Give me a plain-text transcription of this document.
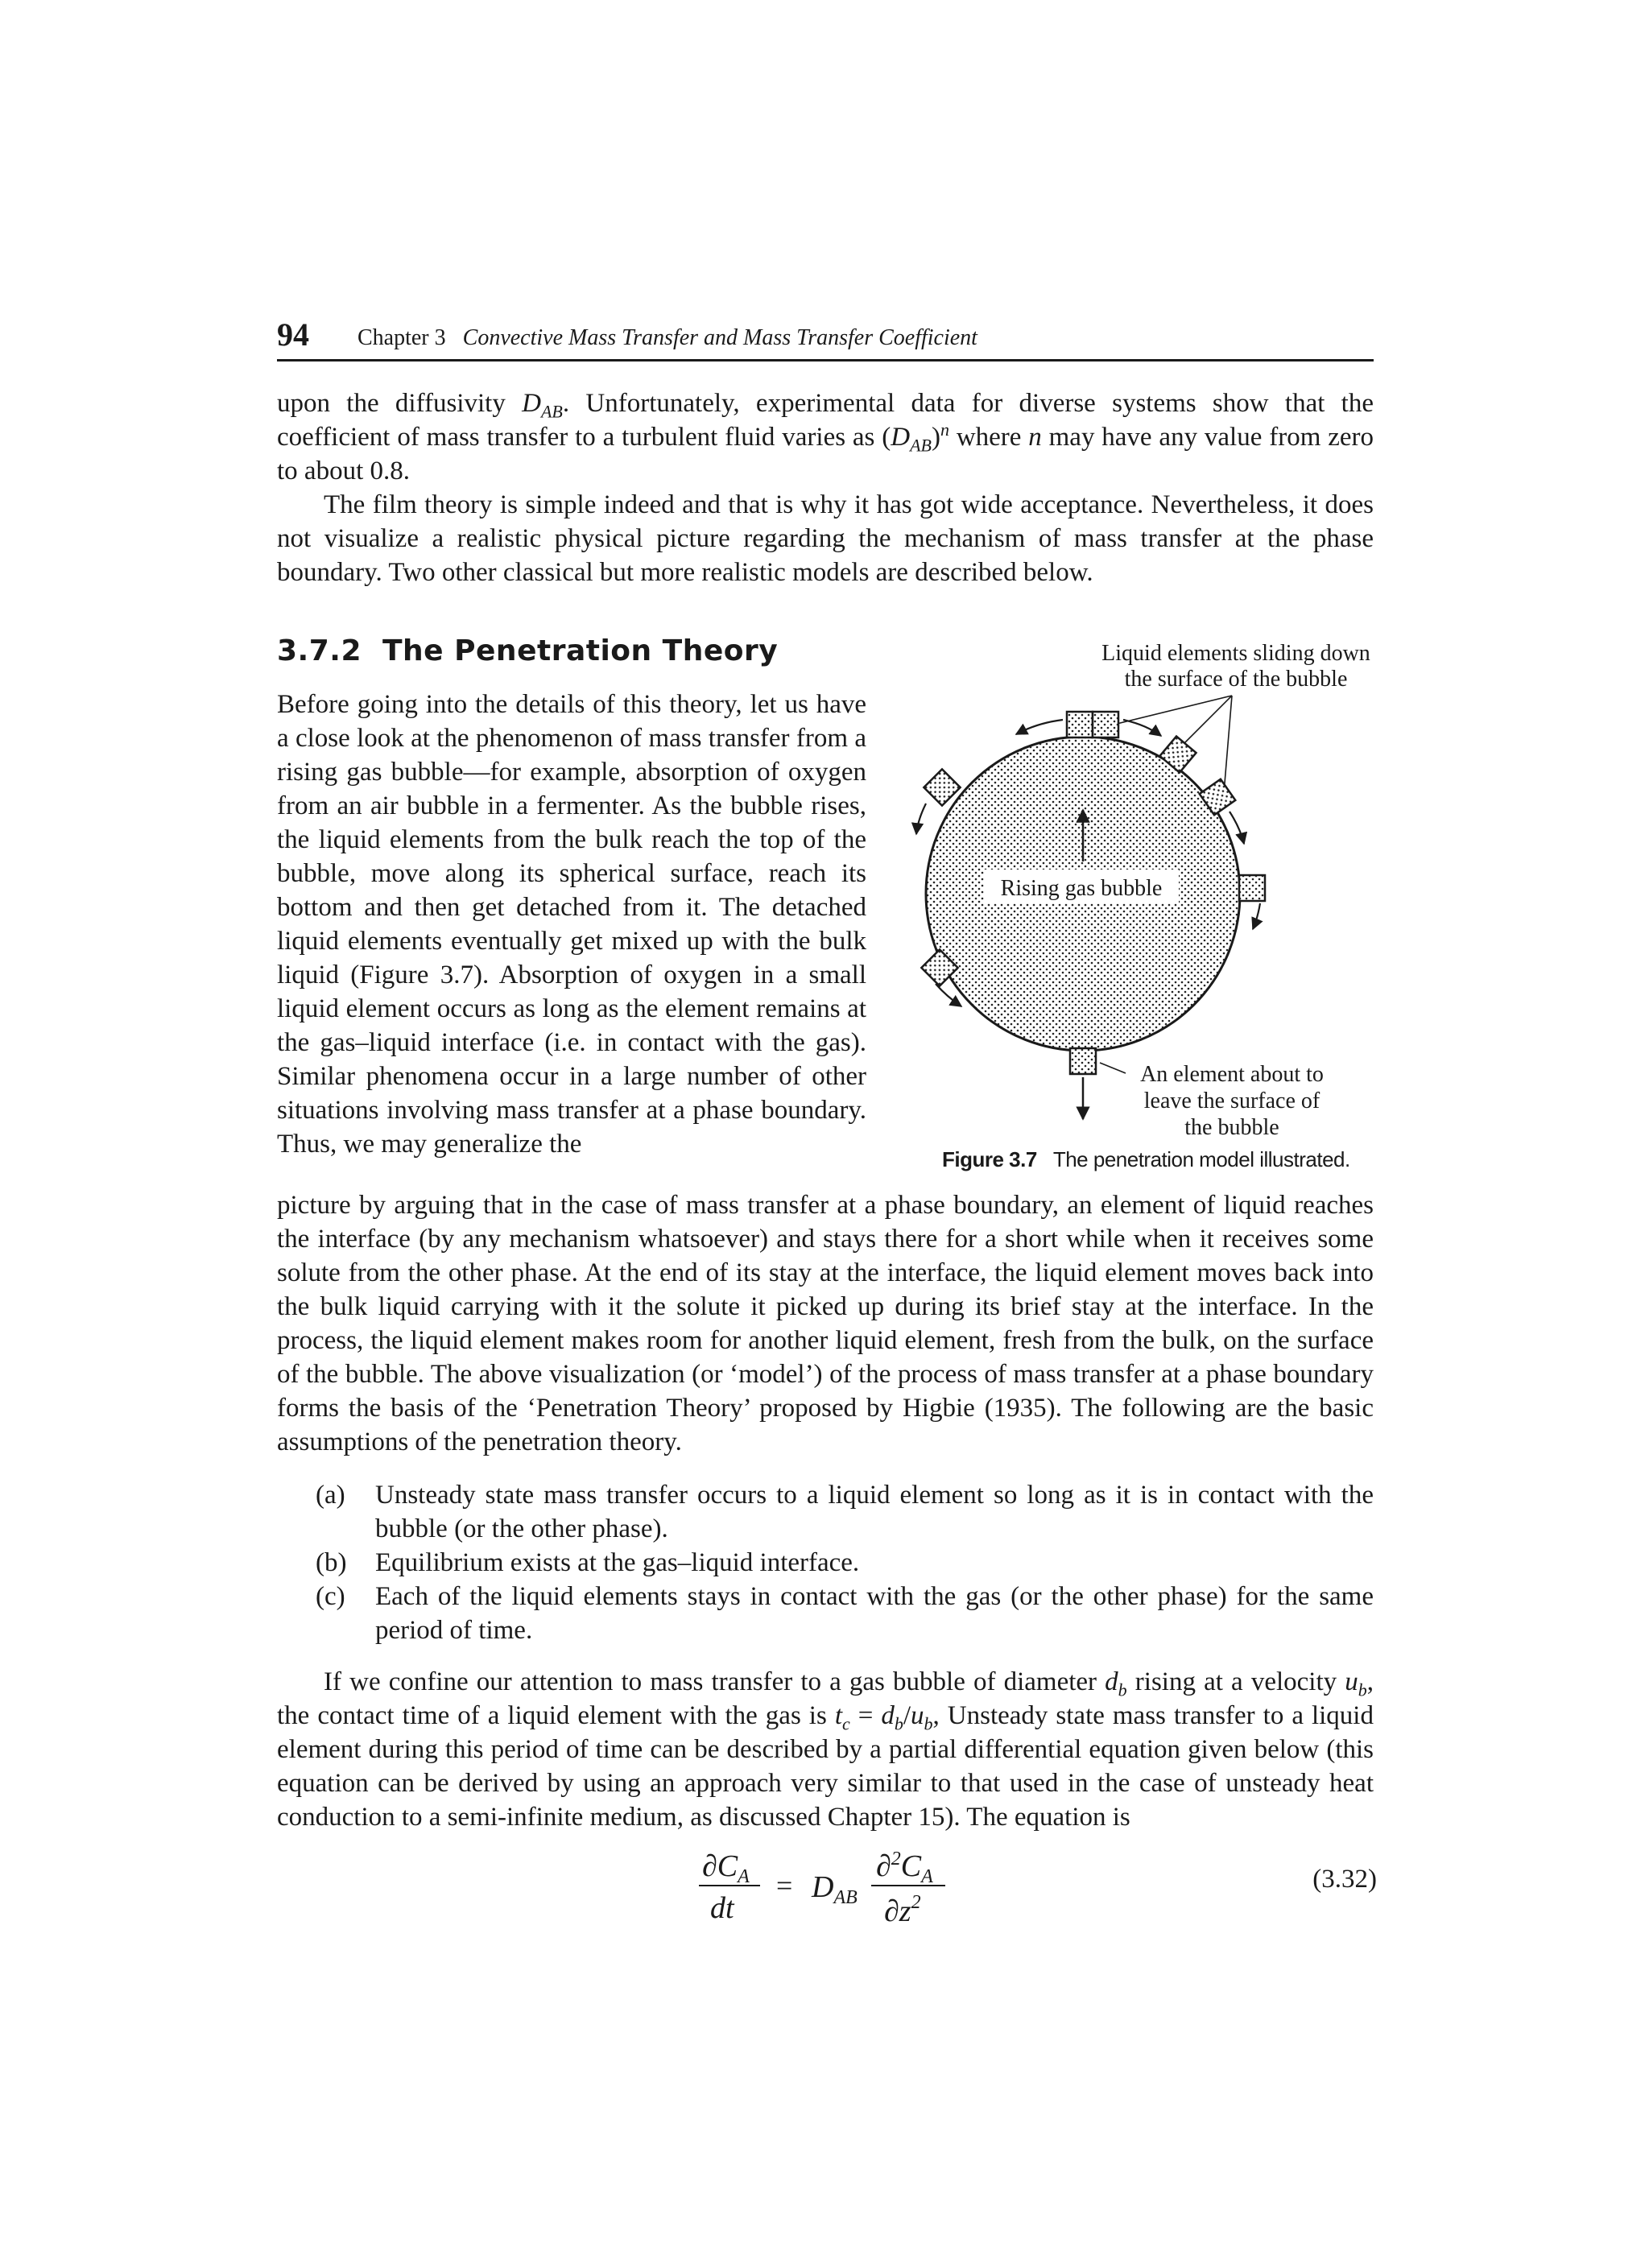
94 Chapter 3 Convective Mass Transfer and Mass Transfer Coefficient

upon the diffusivity $D_{AB}$. Unfortunately, experimental data for diverse systems show that the coefficient of mass transfer to a turbulent fluid varies as $(D_{AB})^n$ where n may have any value from zero to about 0.8.

The film theory is simple indeed and that is why it has got wide acceptance. Nevertheless, it does not visualize a realistic physical picture regarding the mechanism of mass transfer at the phase boundary. Two other classical but more realistic models are described below.

3.7.2 The Penetration Theory

Before going into the details of this theory, let us have a close look at the phenomenon of mass transfer from a rising gas bubble—for example, absorption of oxygen from an air bubble in a fermenter. As the bubble rises, the liquid elements from the bulk reach the top of the bubble, move along its spherical surface, reach its bottom and then get detached from it. The detached liquid elements eventually get mixed up with the bulk liquid (Figure 3.7). Absorption of oxygen in a small liquid element occurs as long as the element remains at the gas–liquid interface (i.e. in contact with the gas). Similar phenomena occur in a large number of other situations involving mass transfer at a phase boundary. Thus, we may generalize the

Rising gas bubble
Liquid elements sliding down
the surface of the bubble
An element about to
leave the surface of
the bubble
Figure 3.7 The penetration model illustrated.

picture by arguing that in the case of mass transfer at a phase boundary, an element of liquid reaches the interface (by any mechanism whatsoever) and stays there for a short while when it receives some solute from the other phase. At the end of its stay at the interface, the liquid element moves back into the bulk liquid carrying with it the solute it picked up during its brief stay at the interface. In the process, the liquid element makes room for another liquid element, fresh from the bulk, on the surface of the bubble. The above visualization (or ‘model’) of the process of mass transfer at a phase boundary forms the basis of the ‘Penetration Theory’ proposed by Higbie (1935). The following are the basic assumptions of the penetration theory.

(a) Unsteady state mass transfer occurs to a liquid element so long as it is in contact with the bubble (or the other phase).
(b) Equilibrium exists at the gas–liquid interface.
(c) Each of the liquid elements stays in contact with the gas (or the other phase) for the same period of time.

If we confine our attention to mass transfer to a gas bubble of diameter $d_b$ rising at a velocity $u_b$, the contact time of a liquid element with the gas is $t_c = d_b/u_b$, Unsteady state mass transfer to a liquid element during this period of time can be described by a partial differential equation given below (this equation can be derived by using an approach very similar to that used in the case of unsteady heat conduction to a semi-infinite medium, as discussed Chapter 15). The equation is

$\partial C_A$
dt
= $D_{AB}$
$\partial^2C_A$
$\partial z^2$
(3.32)
